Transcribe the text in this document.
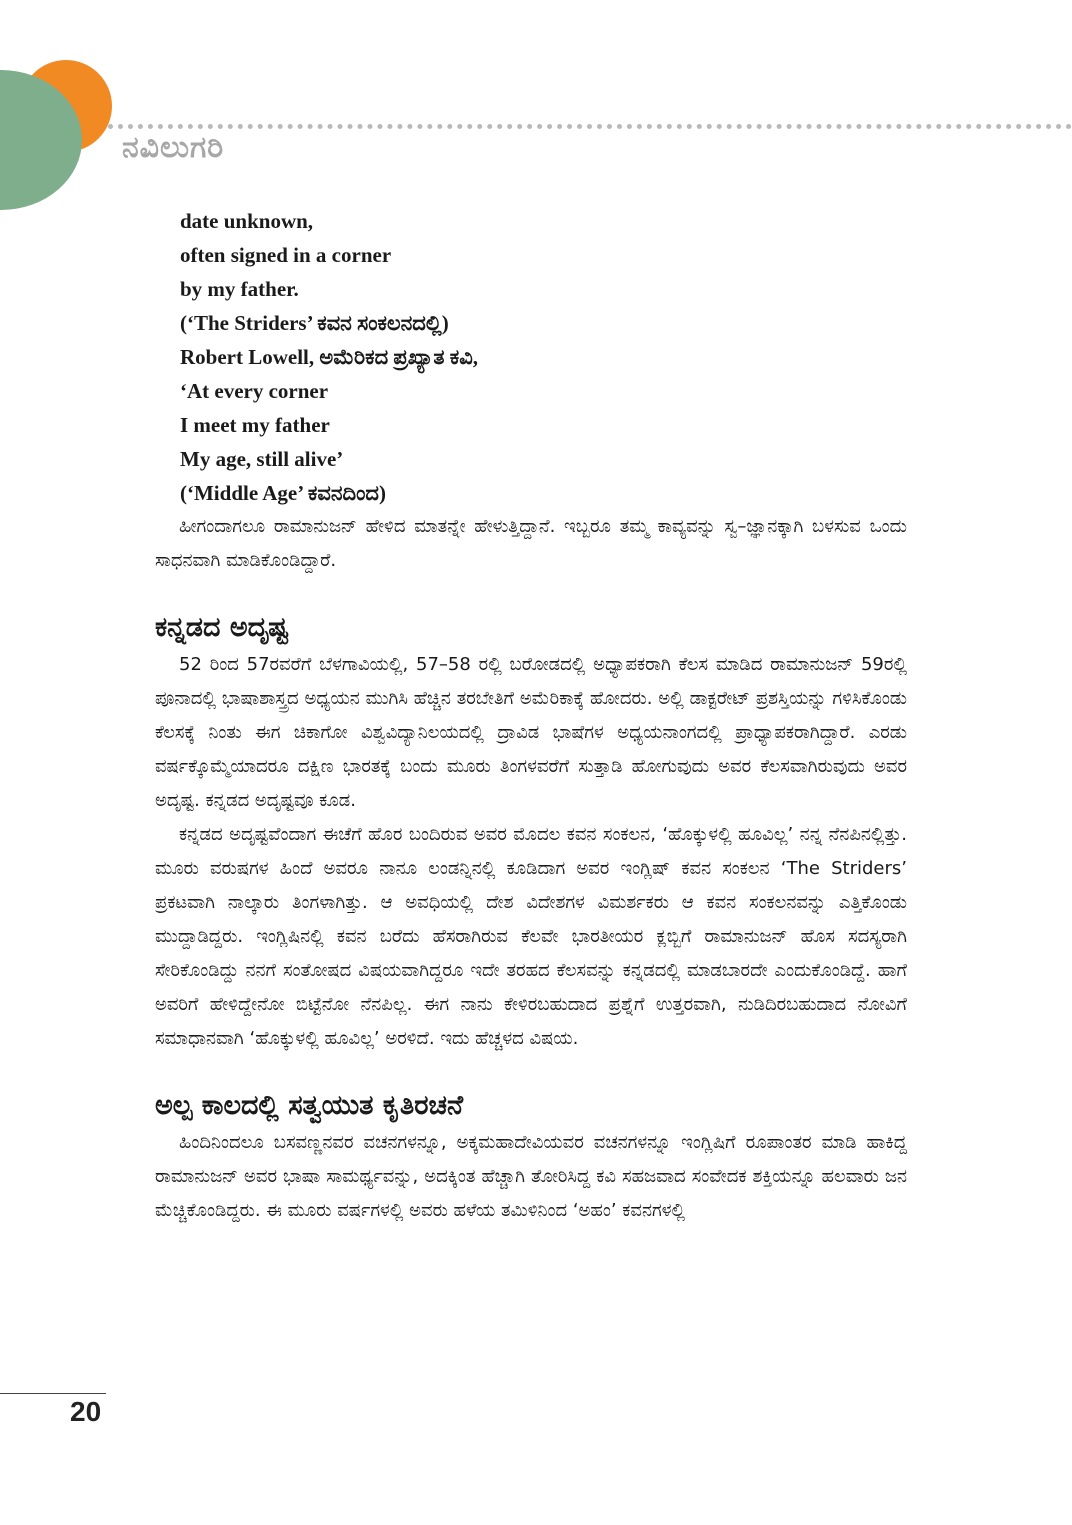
ನವಿಲುಗರಿ
date unknown,
often signed in a corner
by my father.
(‘The Striders’ ಕವನ ಸಂಕಲನದಲ್ಲಿ)
Robert Lowell, ಅಮೆರಿಕದ ಪ್ರಖ್ಯಾತ ಕವಿ,
‘At every corner
I meet my father
My age, still alive’
(‘Middle Age’ ಕವನದಿಂದ)

ಹೀಗಂದಾಗಲೂ ರಾಮಾನುಜನ್ ಹೇಳಿದ ಮಾತನ್ನೇ ಹೇಳುತ್ತಿದ್ದಾನೆ. ಇಬ್ಬರೂ ತಮ್ಮ ಕಾವ್ಯವನ್ನು ಸ್ವ–ಜ್ಞಾನಕ್ಕಾಗಿ ಬಳಸುವ ಒಂದು ಸಾಧನವಾಗಿ ಮಾಡಿಕೊಂಡಿದ್ದಾರೆ.

ಕನ್ನಡದ ಅದೃಷ್ಟ

52 ರಿಂದ 57ರವರೆಗೆ ಬೆಳಗಾವಿಯಲ್ಲಿ, 57–58 ರಲ್ಲಿ ಬರೋಡದಲ್ಲಿ ಅಧ್ಯಾಪಕರಾಗಿ ಕೆಲಸ ಮಾಡಿದ ರಾಮಾನುಜನ್ 59ರಲ್ಲಿ ಪೂನಾದಲ್ಲಿ ಭಾಷಾಶಾಸ್ತ್ರದ ಅಧ್ಯಯನ ಮುಗಿಸಿ ಹೆಚ್ಚಿನ ತರಬೇತಿಗೆ ಅಮೆರಿಕಾಕ್ಕೆ ಹೋದರು. ಅಲ್ಲಿ ಡಾಕ್ಟರೇಟ್ ಪ್ರಶಸ್ತಿಯನ್ನು ಗಳಿಸಿಕೊಂಡು ಕೆಲಸಕ್ಕೆ ನಿಂತು ಈಗ ಚಿಕಾಗೋ ವಿಶ್ವವಿದ್ಯಾನಿಲಯದಲ್ಲಿ ದ್ರಾವಿಡ ಭಾಷೆಗಳ ಅಧ್ಯಯನಾಂಗದಲ್ಲಿ ಪ್ರಾಧ್ಯಾಪಕರಾಗಿದ್ದಾರೆ. ಎರಡು ವರ್ಷಕ್ಕೊಮ್ಮೆಯಾದರೂ ದಕ್ಷಿಣ ಭಾರತಕ್ಕೆ ಬಂದು ಮೂರು ತಿಂಗಳವರೆಗೆ ಸುತ್ತಾಡಿ ಹೋಗುವುದು ಅವರ ಕೆಲಸವಾಗಿರುವುದು ಅವರ ಅದೃಷ್ಟ. ಕನ್ನಡದ ಅದೃಷ್ಟವೂ ಕೂಡ.

ಕನ್ನಡದ ಅದೃಷ್ಟವೆಂದಾಗ ಈಚೆಗೆ ಹೊರ ಬಂದಿರುವ ಅವರ ಮೊದಲ ಕವನ ಸಂಕಲನ, ‘ಹೊಕ್ಕುಳಲ್ಲಿ ಹೂವಿಲ್ಲ’ ನನ್ನ ನೆನಪಿನಲ್ಲಿತ್ತು. ಮೂರು ವರುಷಗಳ ಹಿಂದೆ ಅವರೂ ನಾನೂ ಲಂಡನ್ನಿನಲ್ಲಿ ಕೂಡಿದಾಗ ಅವರ ಇಂಗ್ಲಿಷ್ ಕವನ ಸಂಕಲನ ‘The Striders’ ಪ್ರಕಟವಾಗಿ ನಾಲ್ಕಾರು ತಿಂಗಳಾಗಿತ್ತು. ಆ ಅವಧಿಯಲ್ಲಿ ದೇಶ ವಿದೇಶಗಳ ವಿಮರ್ಶಕರು ಆ ಕವನ ಸಂಕಲನವನ್ನು ಎತ್ತಿಕೊಂಡು ಮುದ್ದಾಡಿದ್ದರು. ಇಂಗ್ಲಿಷಿನಲ್ಲಿ ಕವನ ಬರೆದು ಹೆಸರಾಗಿರುವ ಕೆಲವೇ ಭಾರತೀಯರ ಕ್ಲಬ್ಬಿಗೆ ರಾಮಾನುಜನ್ ಹೊಸ ಸದಸ್ಯರಾಗಿ ಸೇರಿಕೊಂಡಿದ್ದು ನನಗೆ ಸಂತೋಷದ ವಿಷಯವಾಗಿದ್ದರೂ ಇದೇ ತರಹದ ಕೆಲಸವನ್ನು ಕನ್ನಡದಲ್ಲಿ ಮಾಡಬಾರದೇ ಎಂದುಕೊಂಡಿದ್ದೆ. ಹಾಗೆ ಅವರಿಗೆ ಹೇಳಿದ್ದೇನೋ ಬಿಟ್ಟೆನೋ ನೆನಪಿಲ್ಲ. ಈಗ ನಾನು ಕೇಳಿರಬಹುದಾದ ಪ್ರಶ್ನೆಗೆ ಉತ್ತರವಾಗಿ, ನುಡಿದಿರಬಹುದಾದ ನೋವಿಗೆ ಸಮಾಧಾನವಾಗಿ ‘ಹೊಕ್ಕುಳಲ್ಲಿ ಹೂವಿಲ್ಲ’ ಅರಳಿದೆ. ಇದು ಹೆಚ್ಚಳದ ವಿಷಯ.

ಅಲ್ಪ ಕಾಲದಲ್ಲಿ ಸತ್ವಯುತ ಕೃತಿರಚನೆ

ಹಿಂದಿನಿಂದಲೂ ಬಸವಣ್ಣನವರ ವಚನಗಳನ್ನೂ, ಅಕ್ಕಮಹಾದೇವಿಯವರ ವಚನಗಳನ್ನೂ ಇಂಗ್ಲಿಷಿಗೆ ರೂಪಾಂತರ ಮಾಡಿ ಹಾಕಿದ್ದ ರಾಮಾನುಜನ್ ಅವರ ಭಾಷಾ ಸಾಮರ್ಥ್ಯವನ್ನು, ಅದಕ್ಕಿಂತ ಹೆಚ್ಚಾಗಿ ತೋರಿಸಿದ್ದ ಕವಿ ಸಹಜವಾದ ಸಂವೇದಕ ಶಕ್ತಿಯನ್ನೂ ಹಲವಾರು ಜನ ಮೆಚ್ಚಿಕೊಂಡಿದ್ದರು. ಈ ಮೂರು ವರ್ಷಗಳಲ್ಲಿ ಅವರು ಹಳೆಯ ತಮಿಳಿನಿಂದ ‘ಅಹಂ’ ಕವನಗಳಲ್ಲಿ

20
